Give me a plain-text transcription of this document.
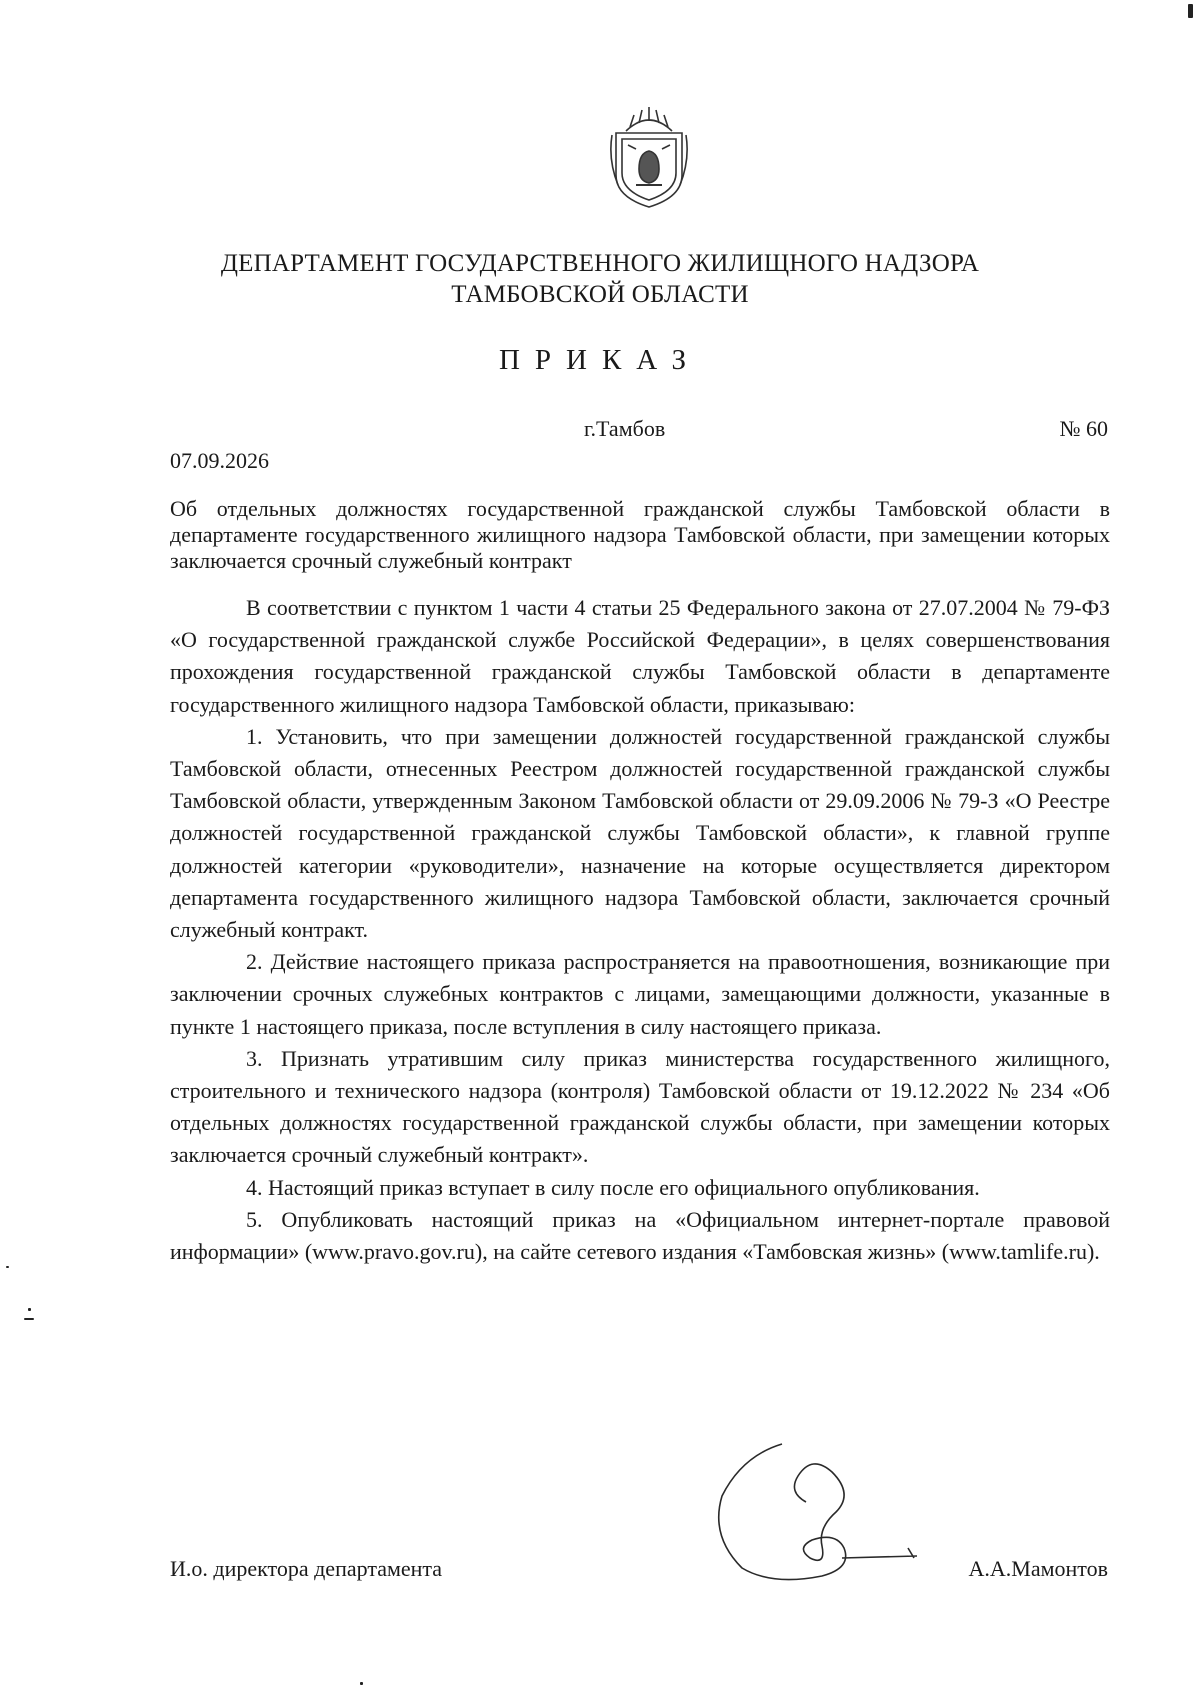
ДЕПАРТАМЕНТ ГОСУДАРСТВЕННОГО ЖИЛИЩНОГО НАДЗОРА
ТАМБОВСКОЙ ОБЛАСТИ
ПРИКАЗ
г.Тамбов	№ 60
07.09.2026
Об отдельных должностях государственной гражданской службы Тамбовской области в департаменте государственного жилищного надзора Тамбовской области, при замещении которых заключается срочный служебный контракт

В соответствии с пунктом 1 части 4 статьи 25 Федерального закона от 27.07.2004 № 79-ФЗ «О государственной гражданской службе Российской Федерации», в целях совершенствования прохождения государственной гражданской службы Тамбовской области в департаменте государственного жилищного надзора Тамбовской области, приказываю:

1. Установить, что при замещении должностей государственной гражданской службы Тамбовской области, отнесенных Реестром должностей государственной гражданской службы Тамбовской области, утвержденным Законом Тамбовской области от 29.09.2006 № 79-З «О Реестре должностей государственной гражданской службы Тамбовской области», к главной группе должностей категории «руководители», назначение на которые осуществляется директором департамента государственного жилищного надзора Тамбовской области, заключается срочный служебный контракт.

2. Действие настоящего приказа распространяется на правоотношения, возникающие при заключении срочных служебных контрактов с лицами, замещающими должности, указанные в пункте 1 настоящего приказа, после вступления в силу настоящего приказа.

3. Признать утратившим силу приказ министерства государственного жилищного, строительного и технического надзора (контроля) Тамбовской области от 19.12.2022 № 234 «Об отдельных должностях государственной гражданской службы области, при замещении которых заключается срочный служебный контракт».

4. Настоящий приказ вступает в силу после его официального опубликования.

5. Опубликовать настоящий приказ на «Официальном интернет-портале правовой информации» (www.pravo.gov.ru), на сайте сетевого издания «Тамбовская жизнь» (www.tamlife.ru).

И.о. директора департамента	А.А.Мамонтов
